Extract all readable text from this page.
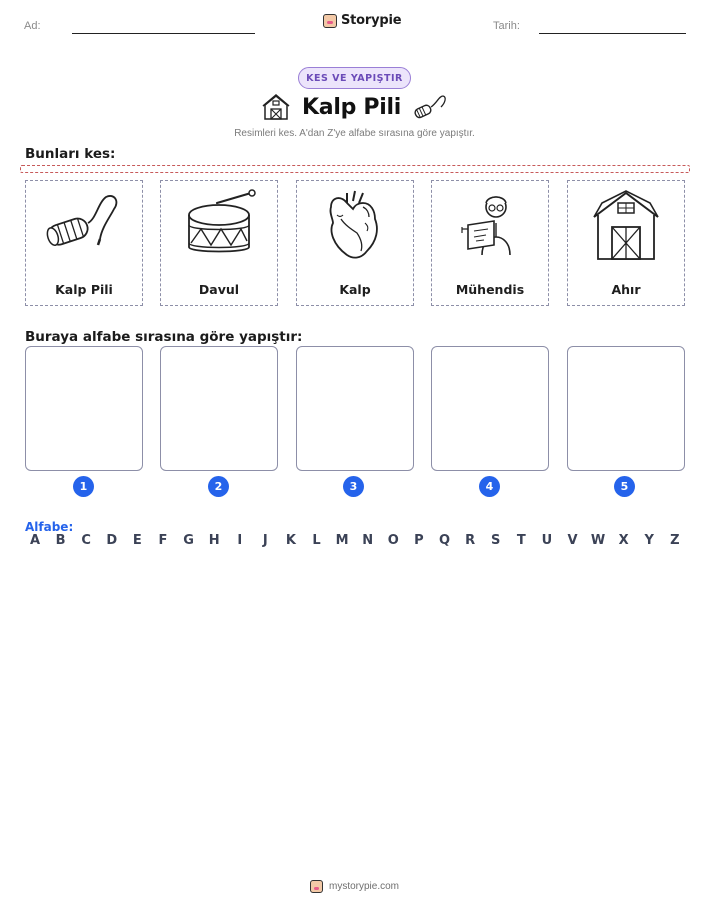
Ad:	Storypie	Tarih:
KES VE YAPIŞTIR
Kalp Pili
Resimleri kes. A'dan Z'ye alfabe sırasına göre yapıştır.
Bunları kes:
Kalp Pili	Davul	Kalp	Mühendis	Ahır
Buraya alfabe sırasına göre yapıştır:
1	2	3	4	5
Alfabe:
A	B	C	D	E	F	G	H	I	J	K	L	M	N	O	P	Q	R	S	T	U	V	W	X	Y	Z
mystorypie.com
